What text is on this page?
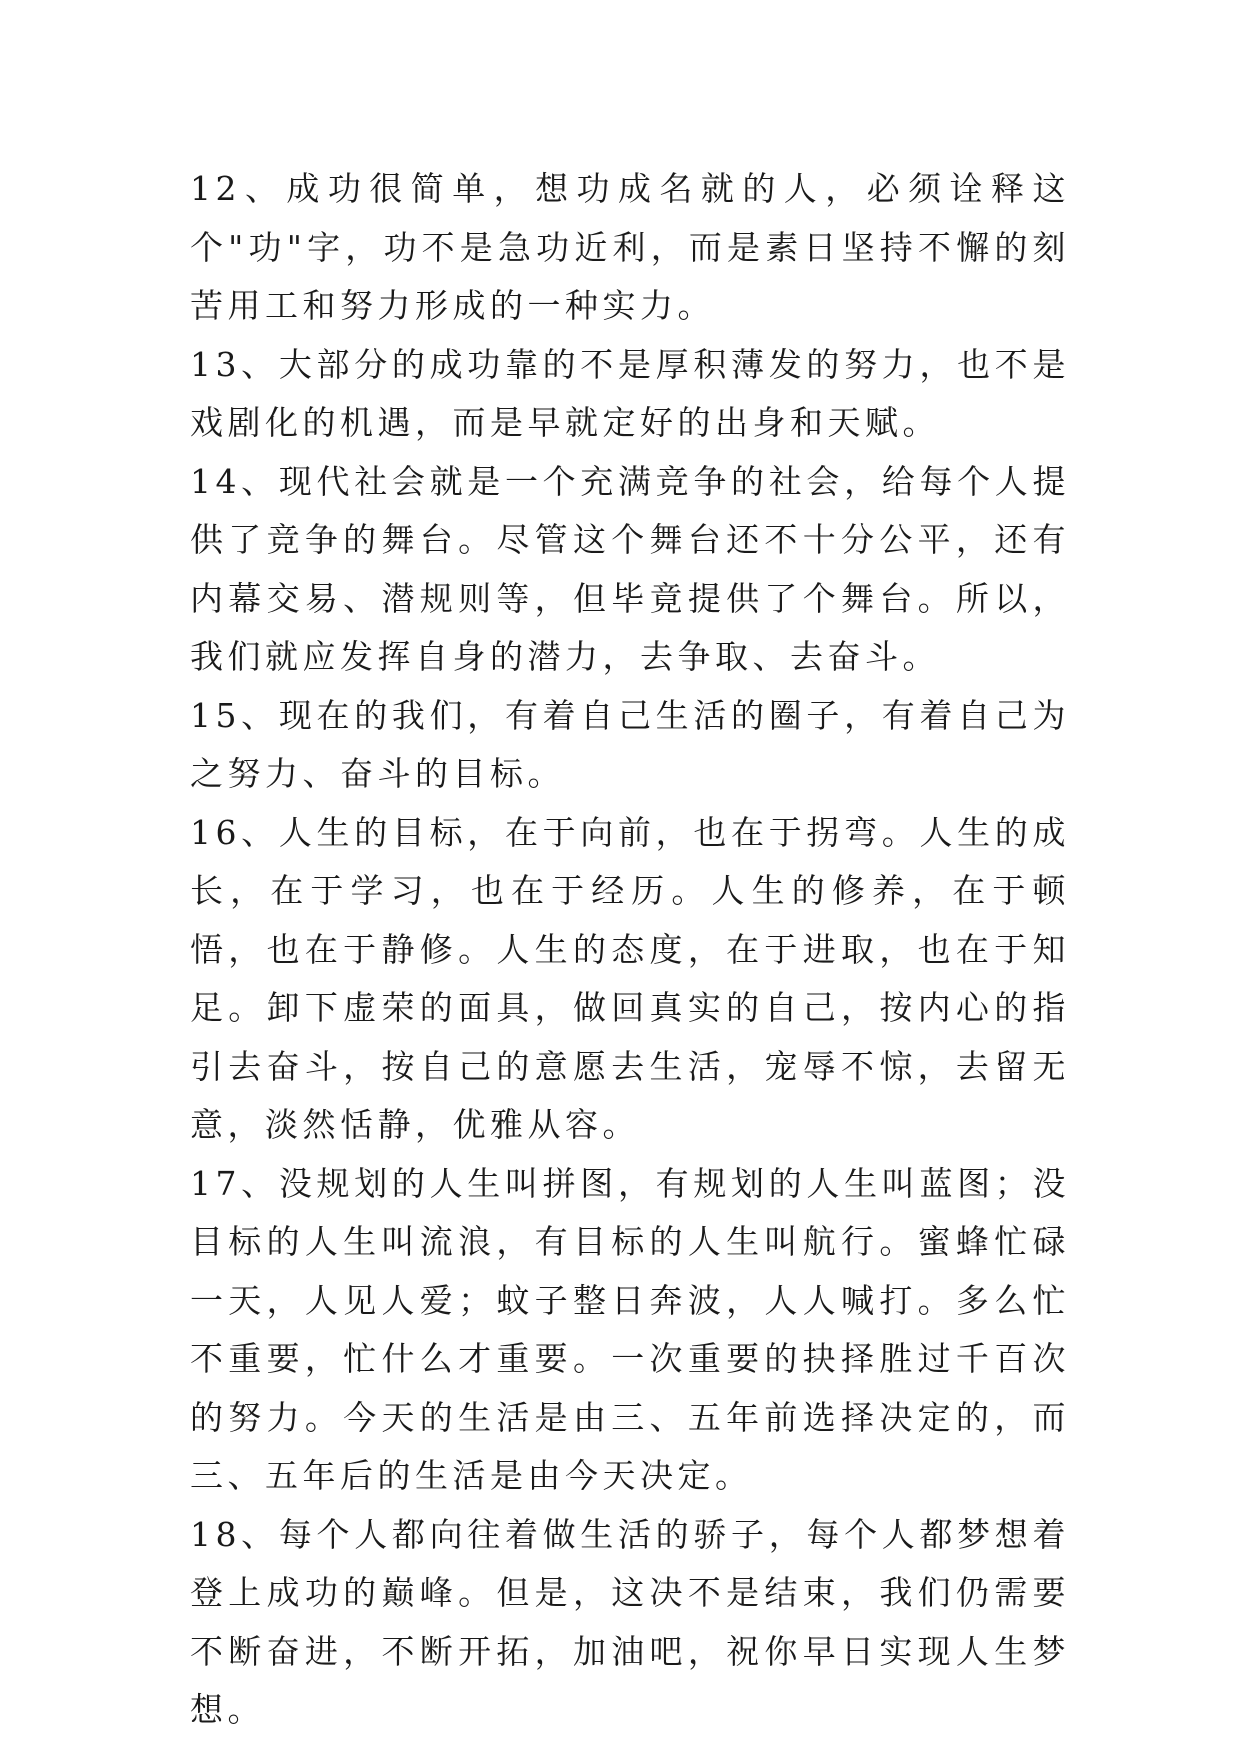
12、成功很简单，想功成名就的人，必须诠释这个"功"字，功不是急功近利，而是素日坚持不懈的刻苦用工和努力形成的一种实力。

13、大部分的成功靠的不是厚积薄发的努力，也不是戏剧化的机遇，而是早就定好的出身和天赋。

14、现代社会就是一个充满竞争的社会，给每个人提供了竞争的舞台。尽管这个舞台还不十分公平，还有内幕交易、潜规则等，但毕竟提供了个舞台。所以，我们就应发挥自身的潜力，去争取、去奋斗。

15、现在的我们，有着自己生活的圈子，有着自己为之努力、奋斗的目标。

16、人生的目标，在于向前，也在于拐弯。人生的成长，在于学习，也在于经历。人生的修养，在于顿悟，也在于静修。人生的态度，在于进取，也在于知足。卸下虚荣的面具，做回真实的自己，按内心的指引去奋斗，按自己的意愿去生活，宠辱不惊，去留无意，淡然恬静，优雅从容。

17、没规划的人生叫拼图，有规划的人生叫蓝图；没目标的人生叫流浪，有目标的人生叫航行。蜜蜂忙碌一天，人见人爱；蚊子整日奔波，人人喊打。多么忙不重要，忙什么才重要。一次重要的抉择胜过千百次的努力。今天的生活是由三、五年前选择决定的，而三、五年后的生活是由今天决定。

18、每个人都向往着做生活的骄子，每个人都梦想着登上成功的巅峰。但是，这决不是结束，我们仍需要不断奋进，不断开拓，加油吧，祝你早日实现人生梦想。
